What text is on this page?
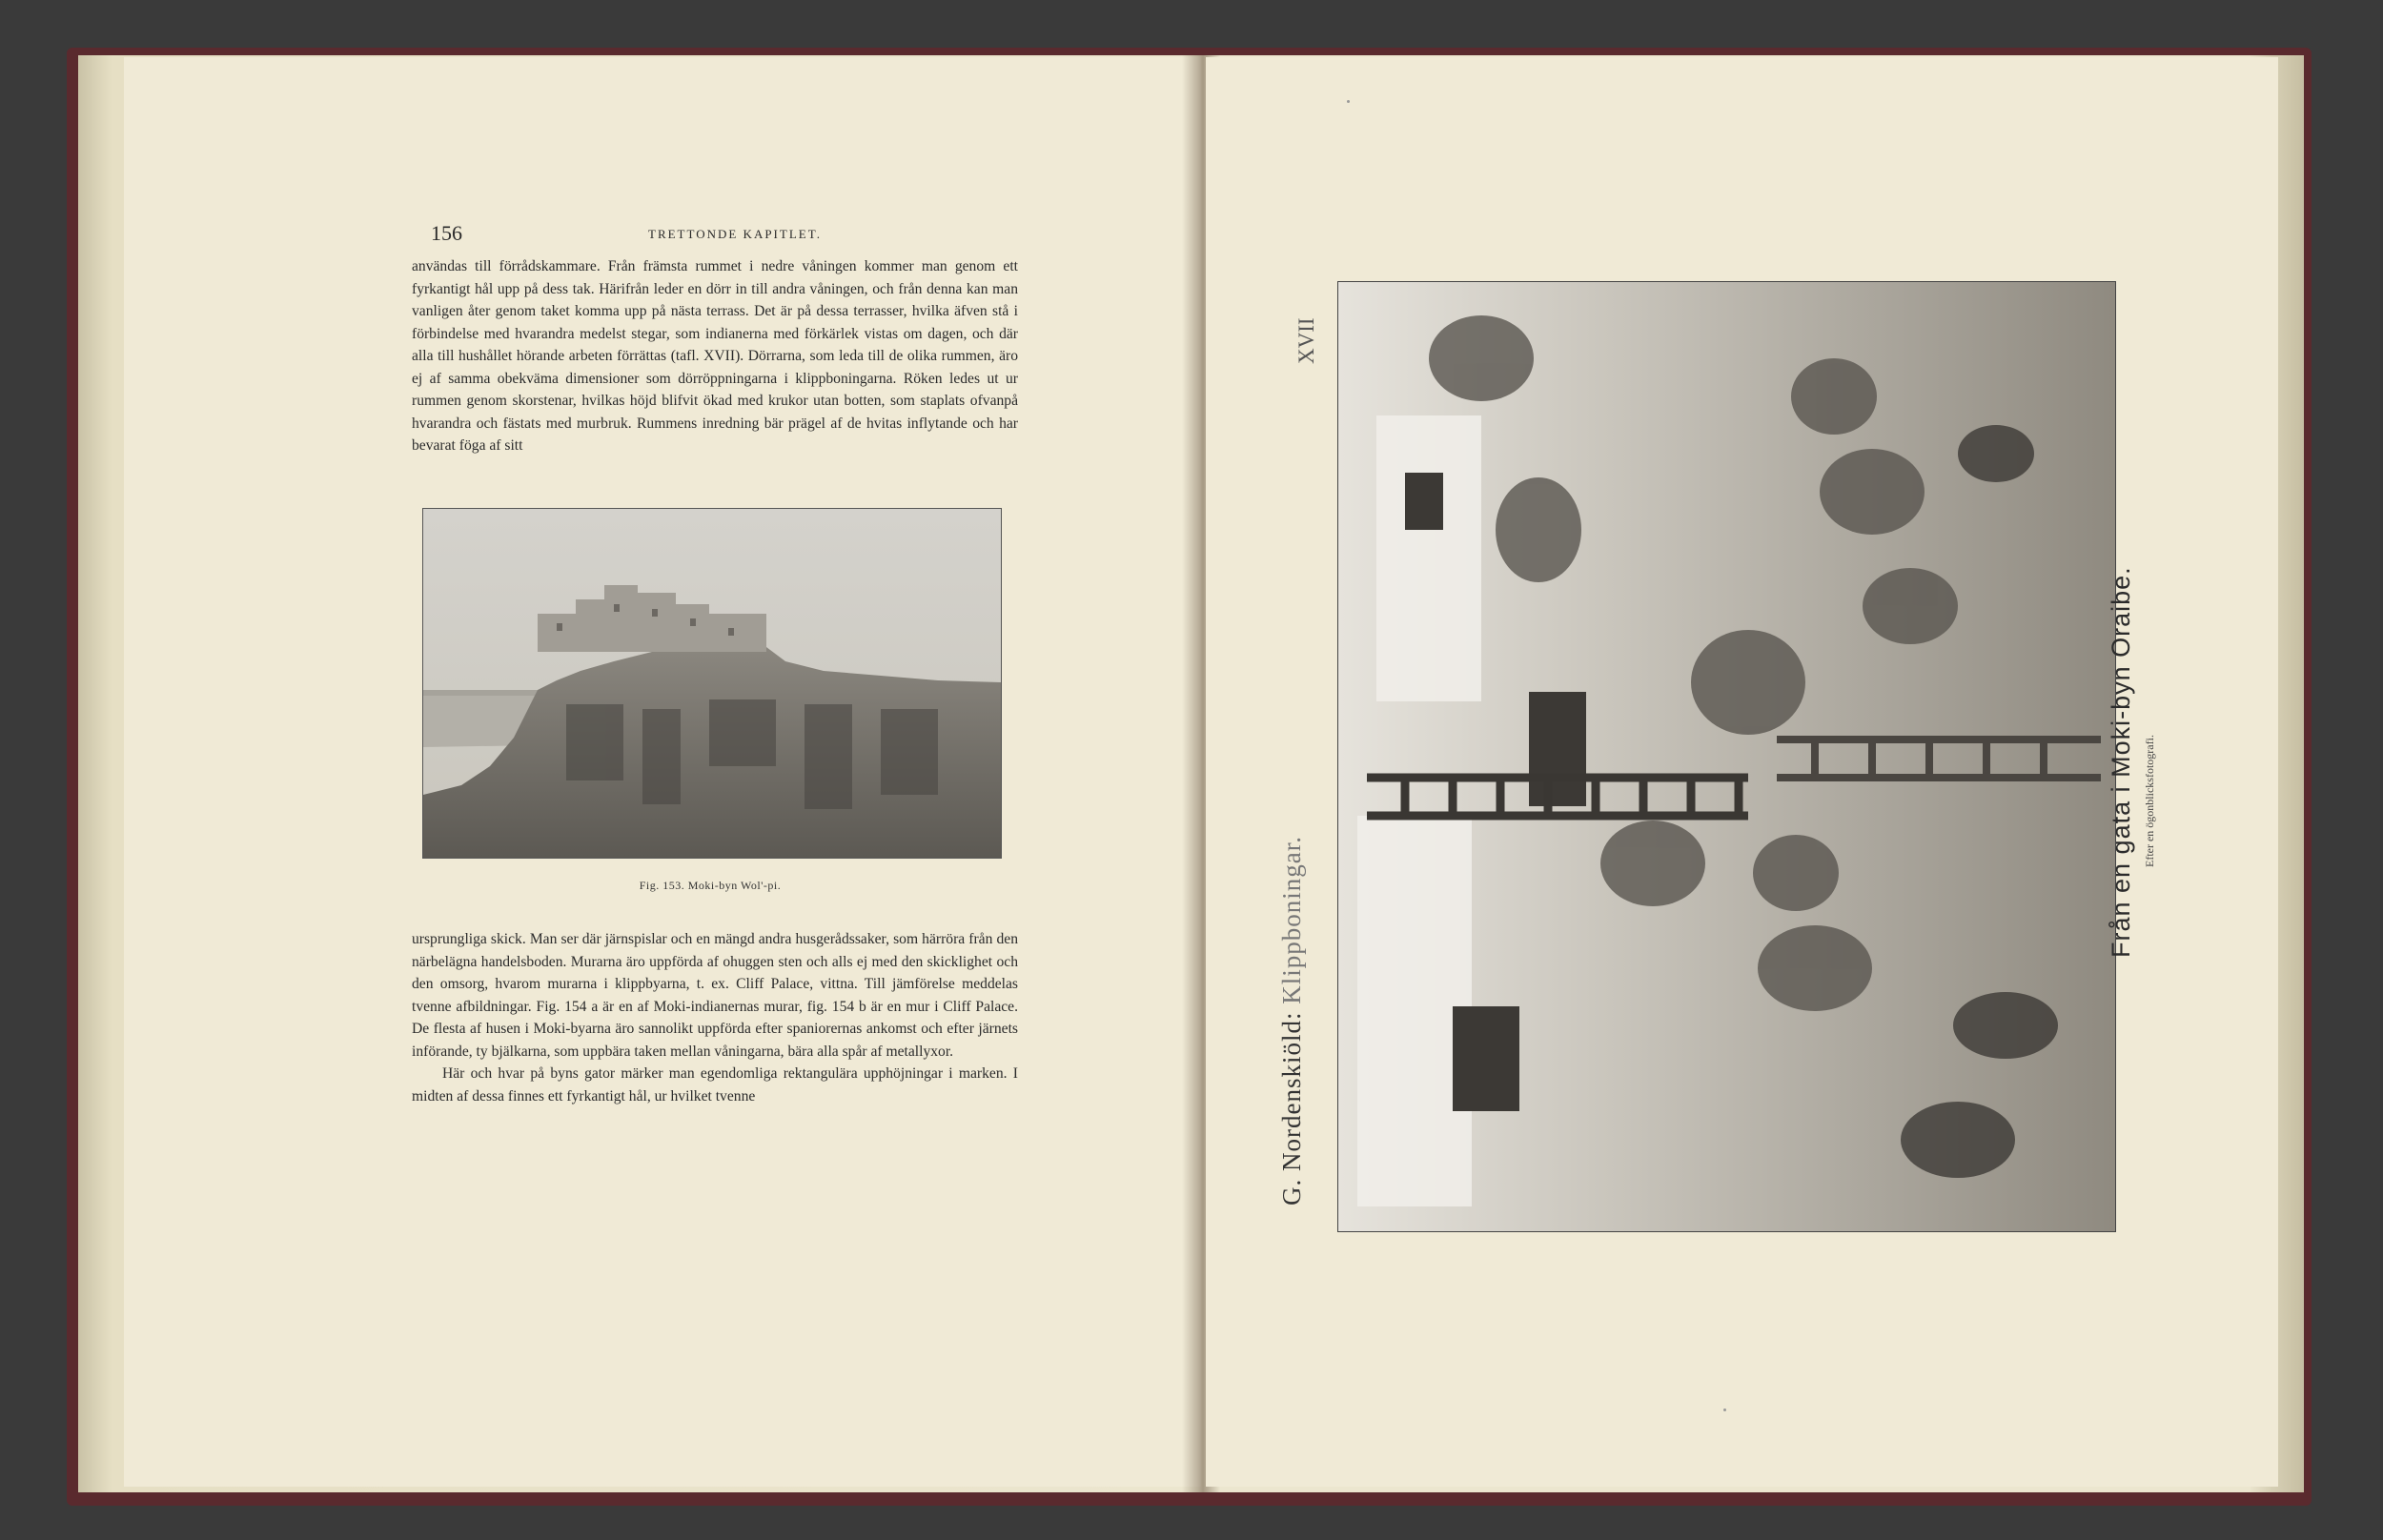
156	TRETTONDE KAPITLET.

användas till förrådskammare. Från främsta rummet i nedre våningen kommer man genom ett fyrkantigt hål upp på dess tak. Härifrån leder en dörr in till andra våningen, och från denna kan man vanligen åter genom taket komma upp på nästa terrass. Det är på dessa terrasser, hvilka äfven stå i förbindelse med hvarandra medelst stegar, som indianerna med förkärlek vistas om dagen, och där alla till hushållet hörande arbeten förrättas (tafl. XVII). Dörrarna, som leda till de olika rummen, äro ej af samma obekväma dimensioner som dörröppningarna i klippboningarna. Röken ledes ut ur rummen genom skorstenar, hvilkas höjd blifvit ökad med krukor utan botten, som staplats ofvanpå hvarandra och fästats med murbruk. Rummens inredning bär prägel af de hvitas inflytande och har bevarat föga af sitt

Fig. 153. Moki-byn Wol'-pi.

ursprungliga skick. Man ser där järnspislar och en mängd andra husgerådssaker, som härröra från den närbelägna handelsboden. Murarna äro uppförda af ohuggen sten och alls ej med den skicklighet och den omsorg, hvarom murarna i klippbyarna, t. ex. Cliff Palace, vittna. Till jämförelse meddelas tvenne afbildningar. Fig. 154 a är en af Moki-indianernas murar, fig. 154 b är en mur i Cliff Palace. De flesta af husen i Moki-byarna äro sannolikt uppförda efter spaniorernas ankomst och efter järnets införande, ty bjälkarna, som uppbära taken mellan våningarna, bära alla spår af metallyxor.

Här och hvar på byns gator märker man egendomliga rektangulära upphöjningar i marken. I midten af dessa finnes ett fyrkantigt hål, ur hvilket tvenne

XVII
G. Nordenskiöld: Klippboningar.	Från en gata i Moki-byn Oraibe. Efter en ögonblicksfotografi.
